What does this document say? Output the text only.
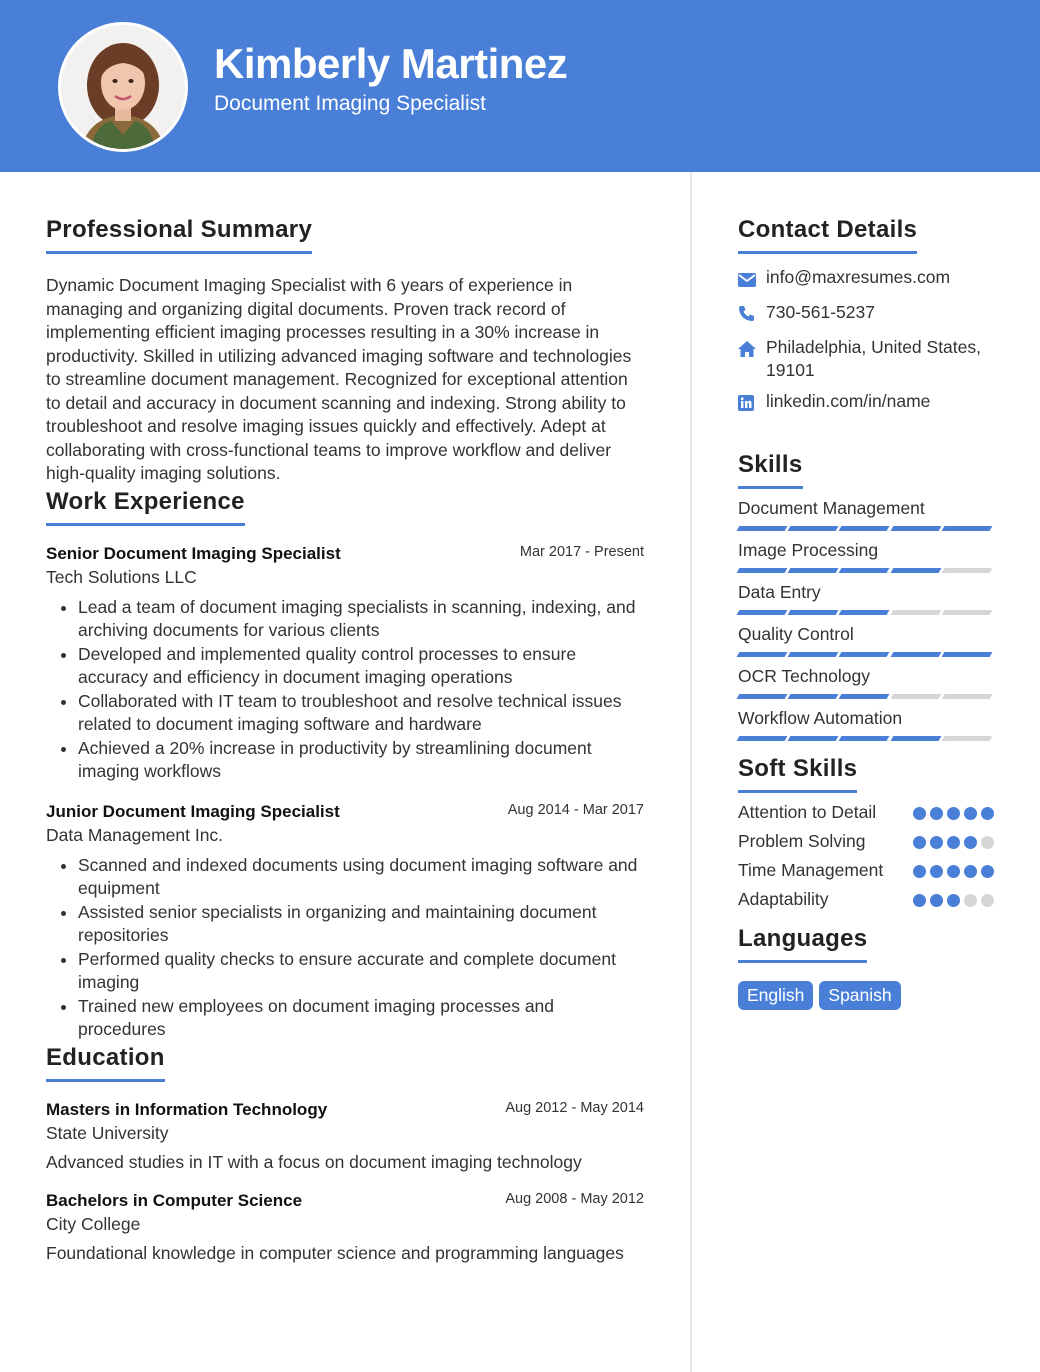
Kimberly Martinez
Document Imaging Specialist
Professional Summary

Dynamic Document Imaging Specialist with 6 years of experience in managing and organizing digital documents. Proven track record of implementing efficient imaging processes resulting in a 30% increase in productivity. Skilled in utilizing advanced imaging software and technologies to streamline document management. Recognized for exceptional attention to detail and accuracy in document scanning and indexing. Strong ability to troubleshoot and resolve imaging issues quickly and effectively. Adept at collaborating with cross-functional teams to improve workflow and deliver high-quality imaging solutions.

Work Experience
Senior Document Imaging Specialist	Mar 2017 - Present
Tech Solutions LLC
• Lead a team of document imaging specialists in scanning, indexing, and archiving documents for various clients
• Developed and implemented quality control processes to ensure accuracy and efficiency in document imaging operations
• Collaborated with IT team to troubleshoot and resolve technical issues related to document imaging software and hardware
• Achieved a 20% increase in productivity by streamlining document imaging workflows
Junior Document Imaging Specialist	Aug 2014 - Mar 2017
Data Management Inc.
• Scanned and indexed documents using document imaging software and equipment
• Assisted senior specialists in organizing and maintaining document repositories
• Performed quality checks to ensure accurate and complete document imaging
• Trained new employees on document imaging processes and procedures
Education
Masters in Information Technology	Aug 2012 - May 2014
State University
Advanced studies in IT with a focus on document imaging technology
Bachelors in Computer Science	Aug 2008 - May 2012
City College
Foundational knowledge in computer science and programming languages
Contact Details
info@maxresumes.com
730-561-5237
Philadelphia, United States, 19101
linkedin.com/in/name
Skills
Document Management
Image Processing
Data Entry
Quality Control
OCR Technology
Workflow Automation
Soft Skills
Attention to Detail
Problem Solving
Time Management
Adaptability
Languages
English	Spanish
